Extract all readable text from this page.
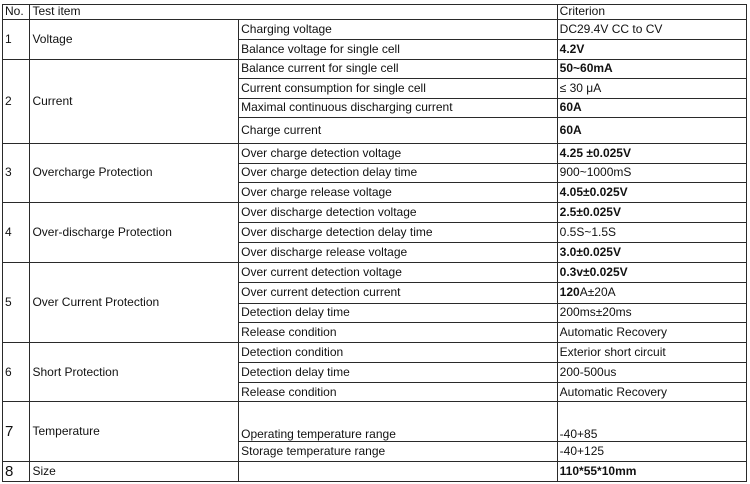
No.	Test item		Criterion
1	Voltage	Charging voltage	DC29.4V CC to CV
		Balance voltage for single cell	4.2V
2	Current	Balance current for single cell	50~60mA
		Current consumption for single cell	≤ 30 μA
		Maximal continuous discharging current	60A
		Charge current	60A
3	Overcharge Protection	Over charge detection voltage	4.25 ±0.025V
		Over charge detection delay time	900~1000mS
		Over charge release voltage	4.05±0.025V
4	Over-discharge Protection	Over discharge detection voltage	2.5±0.025V
		Over discharge detection delay time	0.5S~1.5S
		Over discharge release voltage	3.0±0.025V
5	Over Current Protection	Over current detection voltage	0.3v±0.025V
		Over current detection current	120A±20A
		Detection delay time	200ms±20ms
		Release condition	Automatic Recovery
6	Short Protection	Detection condition	Exterior short circuit
		Detection delay time	200-500us
		Release condition	Automatic Recovery
7	Temperature	Operating temperature range	-40+85
		Storage temperature range	-40+125
8	Size		110*55*10mm
